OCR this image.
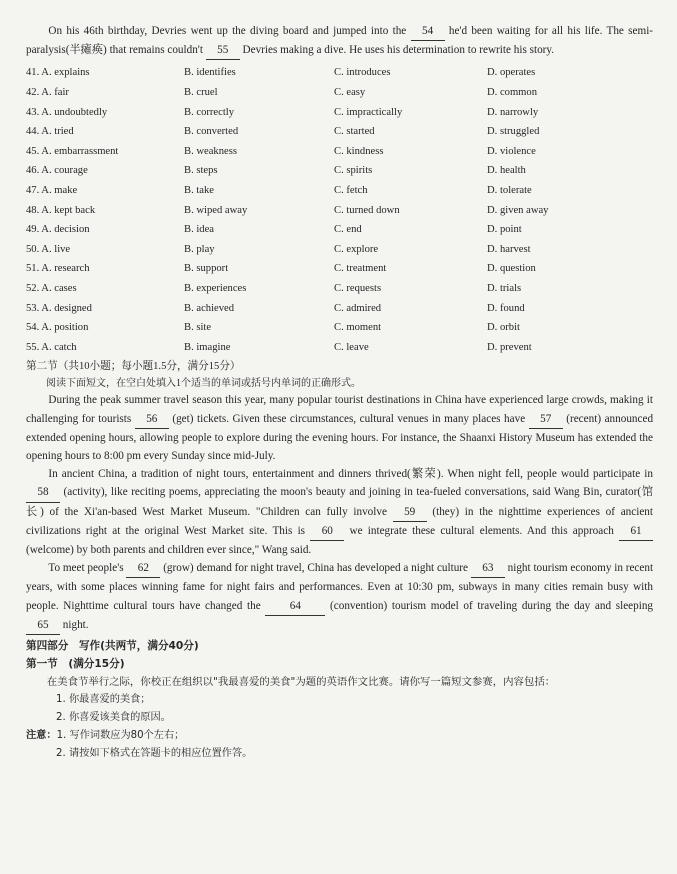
On his 46th birthday, Devries went up the diving board and jumped into the 54 he'd been waiting for all his life. The semi-paralysis(半瘫痪) that remains couldn't 55 Devries making a dive. He uses his determination to rewrite his story.

41. A. explains	B. identifies	C. introduces	D. operates
42. A. fair	B. cruel	C. easy	D. common
43. A. undoubtedly	B. correctly	C. impractically	D. narrowly
44. A. tried	B. converted	C. started	D. struggled
45. A. embarrassment	B. weakness	C. kindness	D. violence
46. A. courage	B. steps	C. spirits	D. health
47. A. make	B. take	C. fetch	D. tolerate
48. A. kept back	B. wiped away	C. turned down	D. given away
49. A. decision	B. idea	C. end	D. point
50. A. live	B. play	C. explore	D. harvest
51. A. research	B. support	C. treatment	D. question
52. A. cases	B. experiences	C. requests	D. trials
53. A. designed	B. achieved	C. admired	D. found
54. A. position	B. site	C. moment	D. orbit
55. A. catch	B. imagine	C. leave	D. prevent

第二节（共10小题；每小题1.5分，满分15分）

阅读下面短文，在空白处填入1个适当的单词或括号内单词的正确形式。

During the peak summer travel season this year, many popular tourist destinations in China have experienced large crowds, making it challenging for tourists 56 (get) tickets. Given these circumstances, cultural venues in many places have 57 (recent) announced extended opening hours, allowing people to explore during the evening hours. For instance, the Shaanxi History Museum has extended the opening hours to 8:00 pm every Sunday since mid-July.

In ancient China, a tradition of night tours, entertainment and dinners thrived(繁荣). When night fell, people would participate in 58 (activity), like reciting poems, appreciating the moon's beauty and joining in tea-fueled conversations, said Wang Bin, curator(馆长) of the Xi'an-based West Market Museum. "Children can fully involve 59 (they) in the nighttime experiences of ancient civilizations right at the original West Market site. This is 60 we integrate these cultural elements. And this approach 61 (welcome) by both parents and children ever since," Wang said.

To meet people's 62 (grow) demand for night travel, China has developed a night culture 63 night tourism economy in recent years, with some places winning fame for night fairs and performances. Even at 10:30 pm, subways in many cities remain busy with people. Nighttime cultural tours have changed the	64	(convention) tourism model of traveling during the day and sleeping 65 night.

第四部分　写作(共两节，满分40分)

第一节　(满分15分)

在美食节举行之际，你校正在组织以"我最喜爱的美食"为题的英语作文比赛。请你写一篇短文参赛，内容包括：

1. 你最喜爱的美食；
2. 你喜爱该美食的原因。
注意：1. 写作词数应为80个左右；
2. 请按如下格式在答题卡的相应位置作答。
